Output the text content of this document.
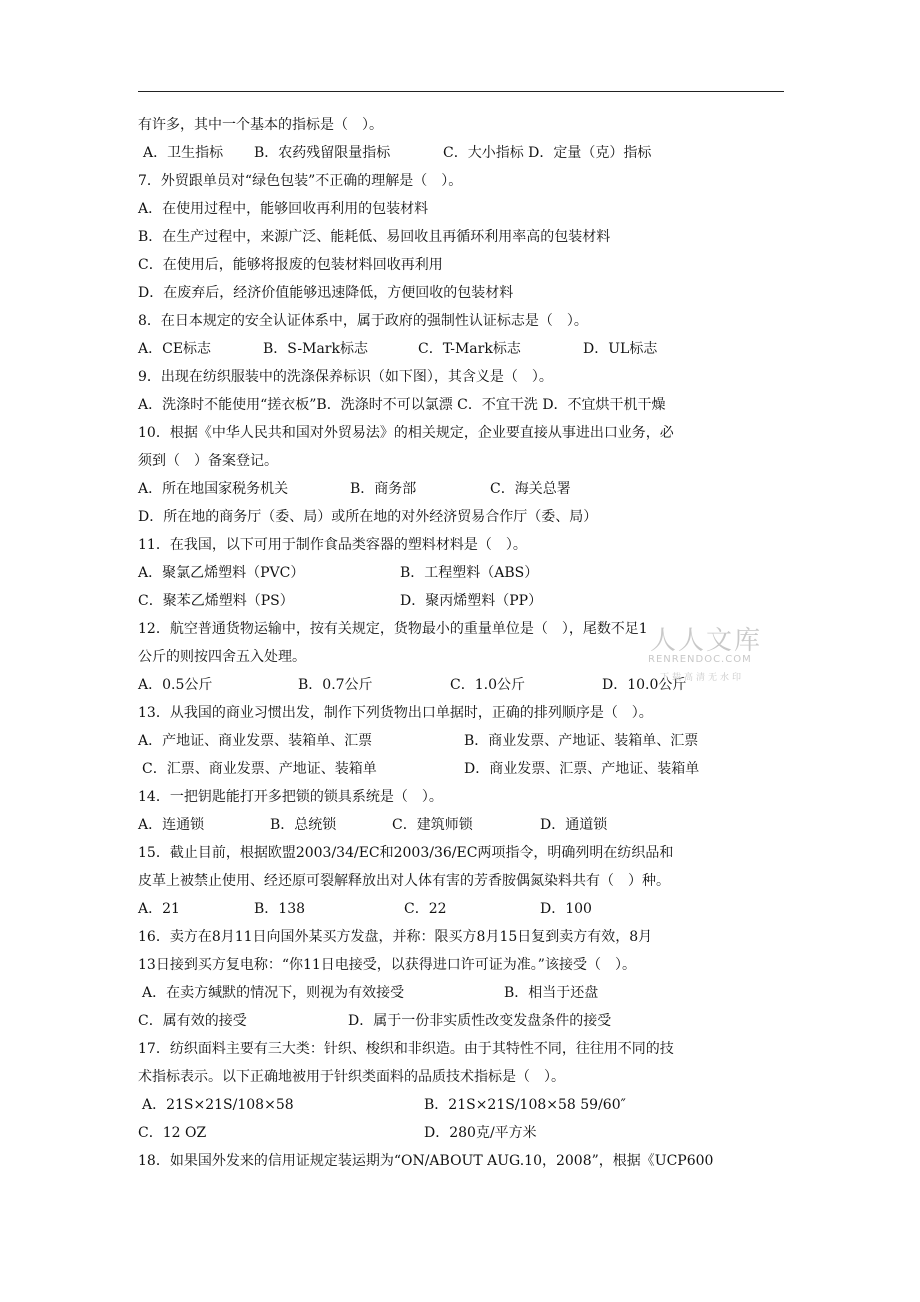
有许多，其中一个基本的指标是（　）。
A．卫生指标 B．农药残留限量指标	C．大小指标 D．定量（克）指标
7．外贸跟单员对“绿色包装”不正确的理解是（　）。
A．在使用过程中，能够回收再利用的包装材料
B．在生产过程中，来源广泛、能耗低、易回收且再循环利用率高的包装材料
C．在使用后，能够将报废的包装材料回收再利用
D．在废弃后，经济价值能够迅速降低，方便回收的包装材料
8．在日本规定的安全认证体系中，属于政府的强制性认证标志是（　）。
A．CE标志	B．S-Mark标志	C．T-Mark标志	D．UL标志
9．出现在纺织服装中的洗涤保养标识（如下图），其含义是（　）。
A．洗涤时不能使用“搓衣板”B．洗涤时不可以氯漂 C．不宜干洗 D．不宜烘干机干燥
10．根据《中华人民共和国对外贸易法》的相关规定，企业要直接从事进出口业务，必
须到（　）备案登记。
A．所在地国家税务机关	B．商务部	C．海关总署
D．所在地的商务厅（委、局）或所在地的对外经济贸易合作厅（委、局）
11．在我国，以下可用于制作食品类容器的塑料材料是（　）。
A．聚氯乙烯塑料（PVC）	B．工程塑料（ABS）
C．聚苯乙烯塑料（PS）	D．聚丙烯塑料（PP）
12．航空普通货物运输中，按有关规定，货物最小的重量单位是（　），尾数不足1
公斤的则按四舍五入处理。
A．0.5公斤	B．0.7公斤	C．1.0公斤	D．10.0公斤
13．从我国的商业习惯出发，制作下列货物出口单据时，正确的排列顺序是（　）。
A．产地证、商业发票、装箱单、汇票	B．商业发票、产地证、装箱单、汇票
C．汇票、商业发票、产地证、装箱单	D．商业发票、汇票、产地证、装箱单
14．一把钥匙能打开多把锁的锁具系统是（　）。
A．连通锁	B．总统锁	C．建筑师锁	D．通道锁
15．截止目前，根据欧盟2003/34/EC和2003/36/EC两项指令，明确列明在纺织品和
皮革上被禁止使用、经还原可裂解释放出对人体有害的芳香胺偶氮染料共有（　）种。
A．21	B．138	C．22	D．100
16．卖方在8月11日向国外某买方发盘，并称：限买方8月15日复到卖方有效，8月
13日接到买方复电称：“你11日电接受，以获得进口许可证为准。”该接受（　）。
A．在卖方缄默的情况下，则视为有效接受	B．相当于还盘
C．属有效的接受	D．属于一份非实质性改变发盘条件的接受
17．纺织面料主要有三大类：针织、梭织和非织造。由于其特性不同，往往用不同的技
术指标表示。以下正确地被用于针织类面料的品质技术指标是（　）。
A．21S×21S/108×58	B．21S×21S/108×58 59/60″
C．12 OZ	D．280克/平方米
18．如果国外发来的信用证规定装运期为“ON/ABOUT AUG.10，2008”，根据《UCP600
人人文库
RENRENDOC.COM
下载高清无水印
